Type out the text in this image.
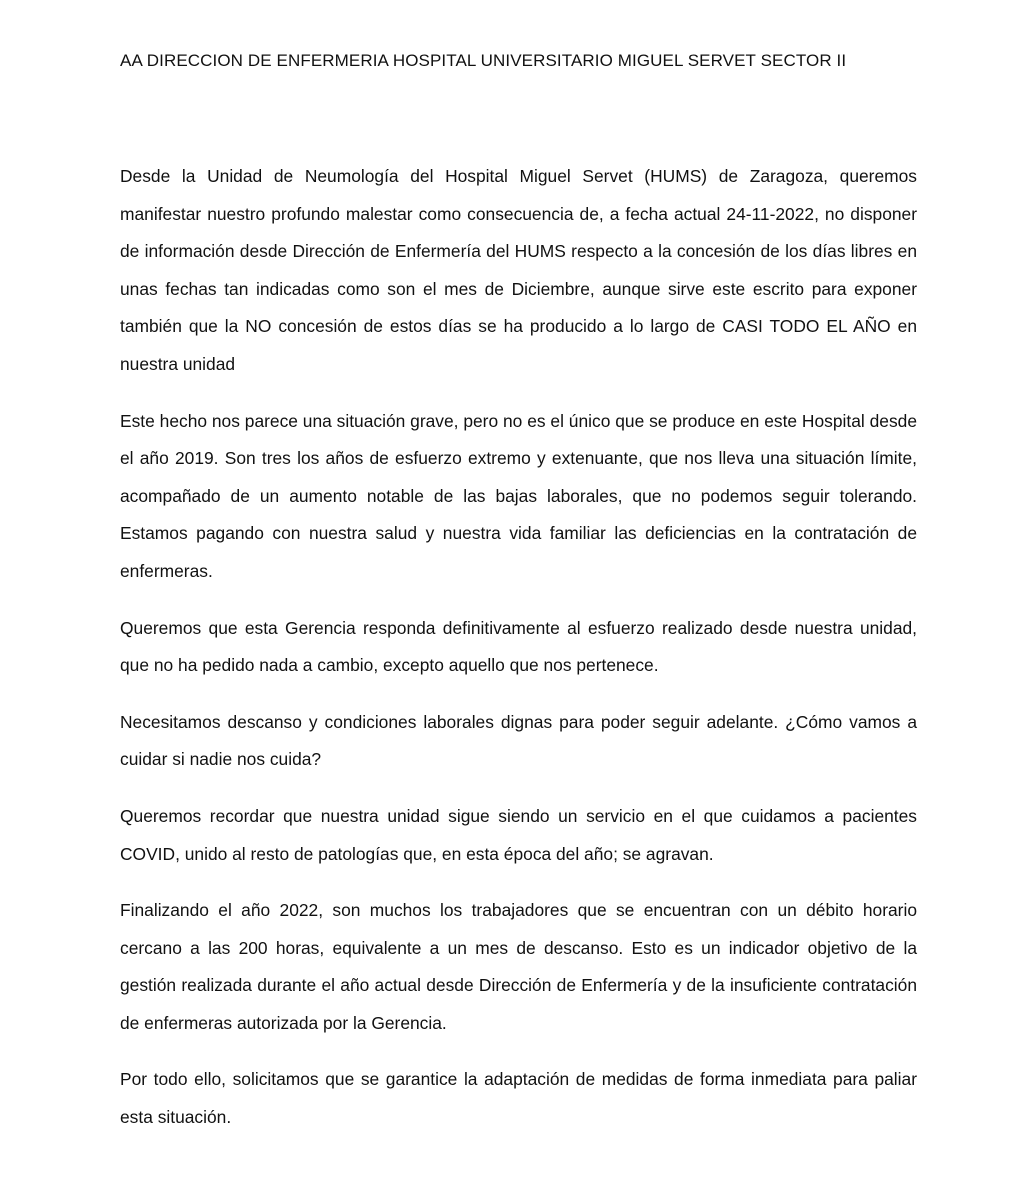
AA DIRECCION DE ENFERMERIA HOSPITAL UNIVERSITARIO MIGUEL SERVET SECTOR II

Desde la Unidad de Neumología del Hospital Miguel Servet (HUMS) de Zaragoza, queremos manifestar nuestro profundo malestar como consecuencia de, a fecha actual 24-11-2022, no disponer de información desde Dirección de Enfermería del HUMS respecto a la concesión de los días libres en unas fechas tan indicadas como son el mes de Diciembre, aunque sirve este escrito para exponer también que la NO concesión de estos días se ha producido a lo largo de CASI TODO EL AÑO en nuestra unidad

Este hecho nos parece una situación grave, pero no es el único que se produce en este Hospital desde el año 2019. Son tres los años de esfuerzo extremo y extenuante, que nos lleva una situación límite, acompañado de un aumento notable de las bajas laborales, que no podemos seguir tolerando. Estamos pagando con nuestra salud y nuestra vida familiar las deficiencias en la contratación de enfermeras.

Queremos que esta Gerencia responda definitivamente al esfuerzo realizado desde nuestra unidad, que no ha pedido nada a cambio, excepto aquello que nos pertenece.

Necesitamos descanso y condiciones laborales dignas para poder seguir adelante. ¿Cómo vamos a cuidar si nadie nos cuida?

Queremos recordar que nuestra unidad sigue siendo un servicio en el que cuidamos a pacientes COVID, unido al resto de patologías que, en esta época del año; se agravan.

Finalizando el año 2022, son muchos los trabajadores que se encuentran con un débito horario cercano a las 200 horas, equivalente a un mes de descanso. Esto es un indicador objetivo de la gestión realizada durante el año actual desde Dirección de Enfermería y de la insuficiente contratación de enfermeras autorizada por la Gerencia.

Por todo ello, solicitamos que se garantice la adaptación de medidas de forma inmediata para paliar esta situación.
